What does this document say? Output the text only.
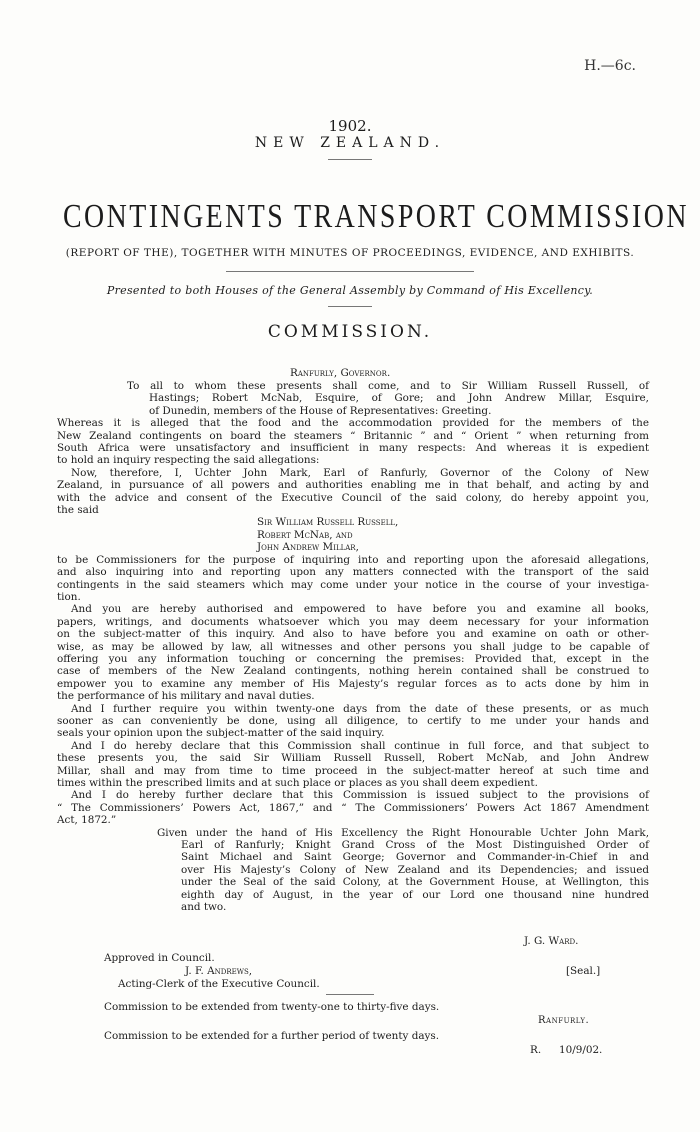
H.—6c.
1902.
NEW ZEALAND.
CONTINGENTS TRANSPORT COMMISSION
(REPORT OF THE), TOGETHER WITH MINUTES OF PROCEEDINGS, EVIDENCE, AND EXHIBITS.
Presented to both Houses of the General Assembly by Command of His Excellency.
COMMISSION.
Ranfurly, Governor.
To all to whom these presents shall come, and to Sir William Russell Russell, of
Hastings; Robert McNab, Esquire, of Gore; and John Andrew Millar, Esquire,
of Dunedin, members of the House of Representatives: Greeting.
Whereas it is alleged that the food and the accommodation provided for the members of the
New Zealand contingents on board the steamers “ Britannic ” and “ Orient ” when returning from
South Africa were unsatisfactory and insufficient in many respects: And whereas it is expedient
to hold an inquiry respecting the said allegations:
Now, therefore, I, Uchter John Mark, Earl of Ranfurly, Governor of the Colony of New
Zealand, in pursuance of all powers and authorities enabling me in that behalf, and acting by and
with the advice and consent of the Executive Council of the said colony, do hereby appoint you,
the said
Sir William Russell Russell,
Robert McNab, and
John Andrew Millar,
to be Commissioners for the purpose of inquiring into and reporting upon the aforesaid allegations,
and also inquiring into and reporting upon any matters connected with the transport of the said
contingents in the said steamers which may come under your notice in the course of your investiga-
tion.
And you are hereby authorised and empowered to have before you and examine all books,
papers, writings, and documents whatsoever which you may deem necessary for your information
on the subject-matter of this inquiry. And also to have before you and examine on oath or other-
wise, as may be allowed by law, all witnesses and other persons you shall judge to be capable of
offering you any information touching or concerning the premises: Provided that, except in the
case of members of the New Zealand contingents, nothing herein contained shall be construed to
empower you to examine any member of His Majesty’s regular forces as to acts done by him in
the performance of his military and naval duties.
And I further require you within twenty-one days from the date of these presents, or as much
sooner as can conveniently be done, using all diligence, to certify to me under your hands and
seals your opinion upon the subject-matter of the said inquiry.
And I do hereby declare that this Commission shall continue in full force, and that subject to
these presents you, the said Sir William Russell Russell, Robert McNab, and John Andrew
Millar, shall and may from time to time proceed in the subject-matter hereof at such time and
times within the prescribed limits and at such place or places as you shall deem expedient.
And I do hereby further declare that this Commission is issued subject to the provisions of
“ The Commissioners’ Powers Act, 1867,” and “ The Commissioners’ Powers Act 1867 Amendment
Act, 1872.”
Given under the hand of His Excellency the Right Honourable Uchter John Mark,
Earl of Ranfurly; Knight Grand Cross of the Most Distinguished Order of
Saint Michael and Saint George; Governor and Commander-in-Chief in and
over His Majesty’s Colony of New Zealand and its Dependencies; and issued
under the Seal of the said Colony, at the Government House, at Wellington, this
eighth day of August, in the year of our Lord one thousand nine hundred
and two.
J. G. Ward.
Approved in Council.
J. F. Andrews,	[Seal.]
Acting-Clerk of the Executive Council.
Commission to be extended from twenty-one to thirty-five days.
Ranfurly.
Commission to be extended for a further period of twenty days.
R. 10/9/02.
